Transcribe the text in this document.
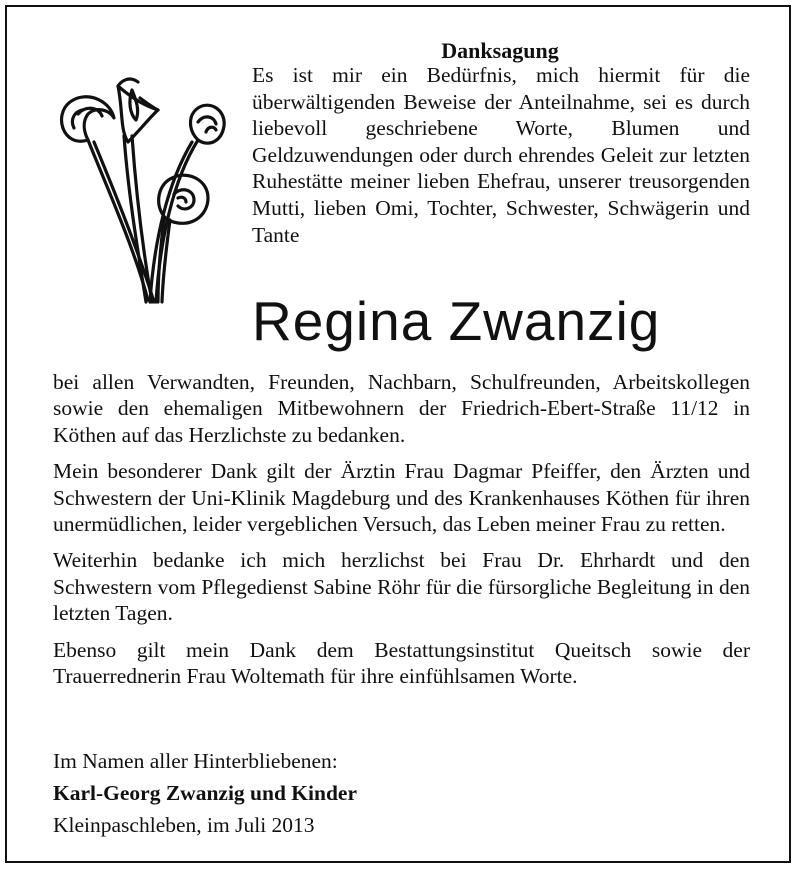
Danksagung
Es ist mir ein Bedürfnis, mich hiermit für die überwältigenden Beweise der Anteilnahme, sei es durch liebevoll geschriebene Worte, Blumen und Geldzuwendungen oder durch ehrendes Geleit zur letzten Ruhestätte meiner lieben Ehefrau, unserer treusorgenden Mutti, lieben Omi, Tochter, Schwester, Schwägerin und Tante
Regina Zwanzig

bei allen Verwandten, Freunden, Nachbarn, Schulfreunden, Arbeitskollegen sowie den ehemaligen Mitbewohnern der Friedrich-Ebert-Straße 11/12 in Köthen auf das Herzlichste zu bedanken.

Mein besonderer Dank gilt der Ärztin Frau Dagmar Pfeiffer, den Ärzten und Schwestern der Uni-Klinik Magdeburg und des Krankenhauses Köthen für ihren unermüdlichen, leider vergeblichen Versuch, das Leben meiner Frau zu retten.

Weiterhin bedanke ich mich herzlichst bei Frau Dr. Ehrhardt und den Schwestern vom Pflegedienst Sabine Röhr für die fürsorgliche Begleitung in den letzten Tagen.

Ebenso gilt mein Dank dem Bestattungsinstitut Queitsch sowie der Trauerrednerin Frau Woltemath für ihre einfühlsamen Worte.

Im Namen aller Hinterbliebenen:
Karl-Georg Zwanzig und Kinder
Kleinpaschleben, im Juli 2013
